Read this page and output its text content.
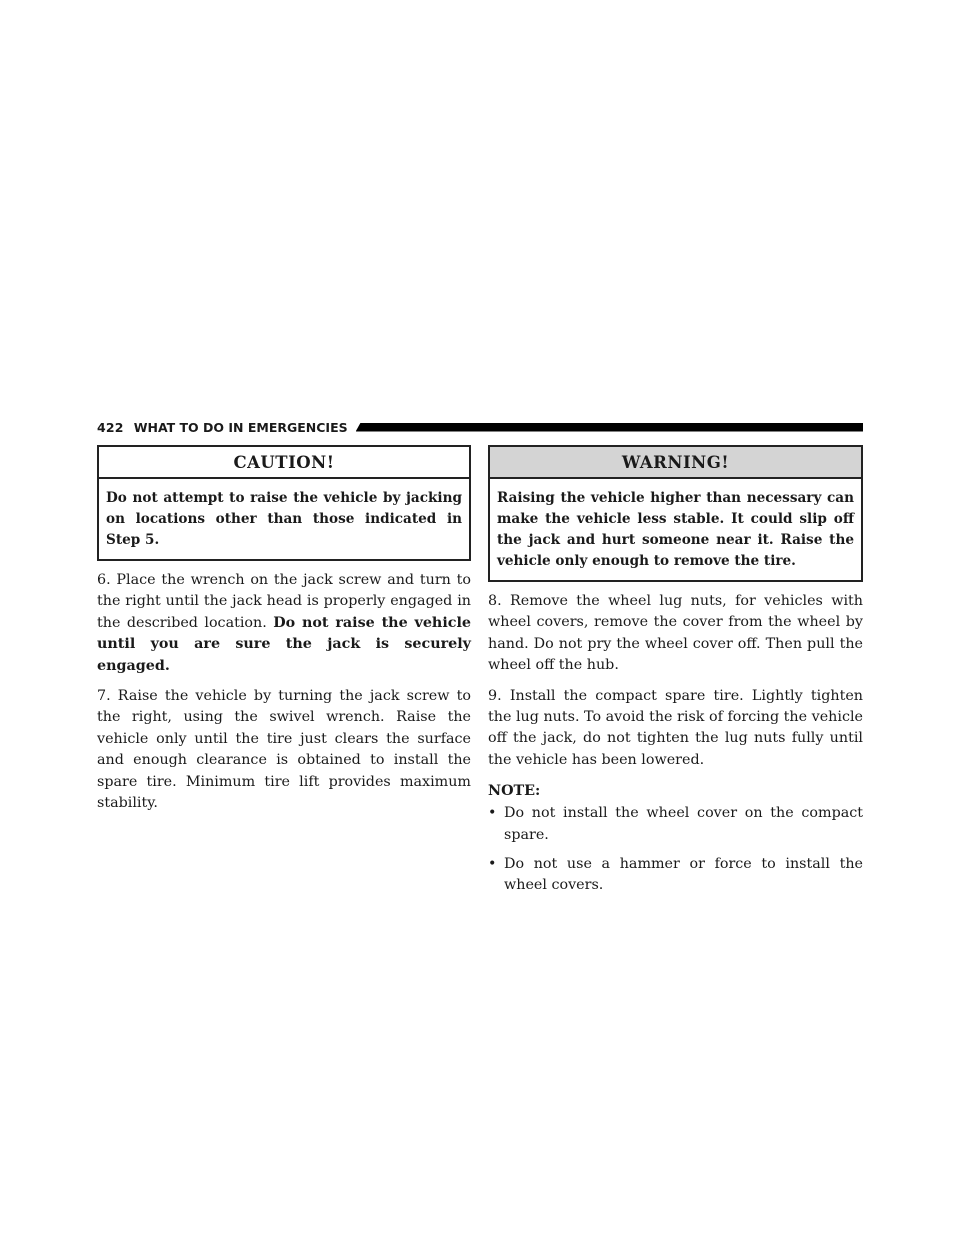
422 WHAT TO DO IN EMERGENCIES
CAUTION!
Do not attempt to raise the vehicle by jacking on locations other than those indicated in Step 5.

6. Place the wrench on the jack screw and turn to the right until the jack head is properly engaged in the described location. Do not raise the vehicle until you are sure the jack is securely engaged.

7. Raise the vehicle by turning the jack screw to the right, using the swivel wrench. Raise the vehicle only until the tire just clears the surface and enough clearance is obtained to install the spare tire. Minimum tire lift provides maximum stability.

WARNING!
Raising the vehicle higher than necessary can make the vehicle less stable. It could slip off the jack and hurt someone near it. Raise the vehicle only enough to remove the tire.

8. Remove the wheel lug nuts, for vehicles with wheel covers, remove the cover from the wheel by hand. Do not pry the wheel cover off. Then pull the wheel off the hub.

9. Install the compact spare tire. Lightly tighten the lug nuts. To avoid the risk of forcing the vehicle off the jack, do not tighten the lug nuts fully until the vehicle has been lowered.

NOTE:
• Do not install the wheel cover on the compact spare.
• Do not use a hammer or force to install the wheel covers.
